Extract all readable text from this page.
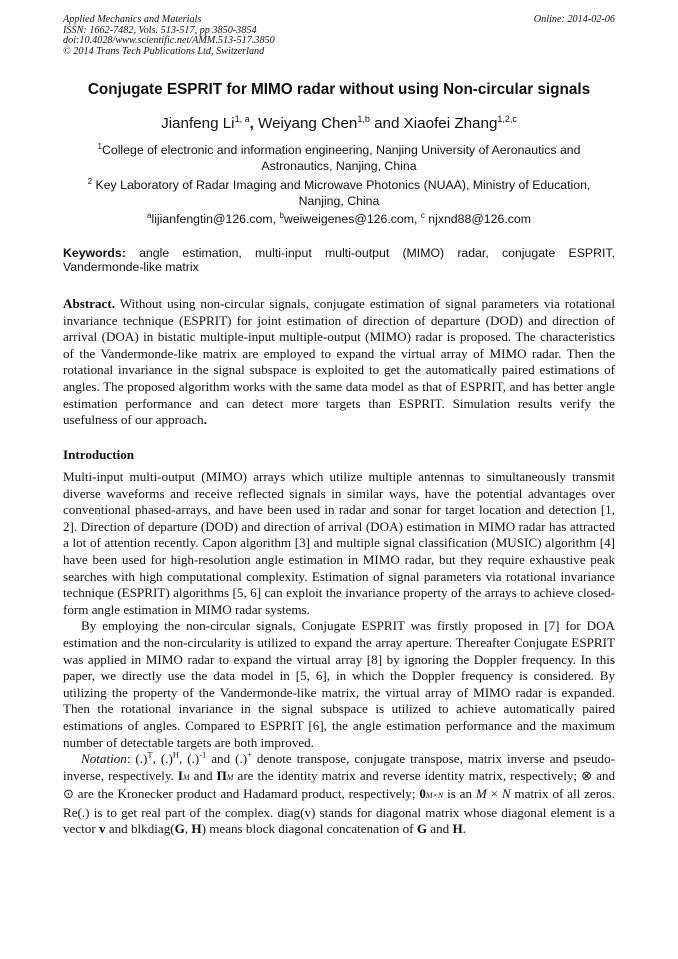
Applied Mechanics and Materials
ISSN: 1662-7482, Vols. 513-517, pp 3850-3854
doi:10.4028/www.scientific.net/AMM.513-517.3850
© 2014 Trans Tech Publications Ltd, Switzerland
Online: 2014-02-06
Conjugate ESPRIT for MIMO radar without using Non-circular signals
Jianfeng Li$^{1, a}$, Weiyang Chen$^{1,b}$ and Xiaofei Zhang$^{1,2,c}$
$^1$College of electronic and information engineering, Nanjing University of Aeronautics and Astronautics, Nanjing, China
$^2$ Key Laboratory of Radar Imaging and Microwave Photonics (NUAA), Ministry of Education, Nanjing, China
$^a$lijianfengtin@126.com, $^b$weiweigenes@126.com, $^c$ njxnd88@126.com
Keywords: angle estimation, multi-input multi-output (MIMO) radar, conjugate ESPRIT, Vandermonde-like matrix
Abstract. Without using non-circular signals, conjugate estimation of signal parameters via rotational invariance technique (ESPRIT) for joint estimation of direction of departure (DOD) and direction of arrival (DOA) in bistatic multiple-input multiple-output (MIMO) radar is proposed. The characteristics of the Vandermonde-like matrix are employed to expand the virtual array of MIMO radar. Then the rotational invariance in the signal subspace is exploited to get the automatically paired estimations of angles. The proposed algorithm works with the same data model as that of ESPRIT, and has better angle estimation performance and can detect more targets than ESPRIT. Simulation results verify the usefulness of our approach.
Introduction

Multi-input multi-output (MIMO) arrays which utilize multiple antennas to simultaneously transmit diverse waveforms and receive reflected signals in similar ways, have the potential advantages over conventional phased-arrays, and have been used in radar and sonar for target location and detection [1, 2]. Direction of departure (DOD) and direction of arrival (DOA) estimation in MIMO radar has attracted a lot of attention recently. Capon algorithm [3] and multiple signal classification (MUSIC) algorithm [4] have been used for high-resolution angle estimation in MIMO radar, but they require exhaustive peak searches with high computational complexity. Estimation of signal parameters via rotational invariance technique (ESPRIT) algorithms [5, 6] can exploit the invariance property of the arrays to achieve closed-form angle estimation in MIMO radar systems.

By employing the non-circular signals, Conjugate ESPRIT was firstly proposed in [7] for DOA estimation and the non-circularity is utilized to expand the array aperture. Thereafter Conjugate ESPRIT was applied in MIMO radar to expand the virtual array [8] by ignoring the Doppler frequency. In this paper, we directly use the data model in [5, 6], in which the Doppler frequency is considered. By utilizing the property of the Vandermonde-like matrix, the virtual array of MIMO radar is expanded. Then the rotational invariance in the signal subspace is utilized to achieve automatically paired estimations of angles. Compared to ESPRIT [6], the angle estimation performance and the maximum number of detectable targets are both improved.

Notation: (.)$^T$, (.)$^H$, (.)$^{-1}$ and (.)+ denote transpose, conjugate transpose, matrix inverse and pseudo-inverse, respectively. IM and ΠM are the identity matrix and reverse identity matrix, respectively; ⊗ and ⊙ are the Kronecker product and Hadamard product, respectively; 0M×N is an M × N matrix of all zeros. Re(.) is to get real part of the complex. diag(v) stands for diagonal matrix whose diagonal element is a vector v and blkdiag(G, H) means block diagonal concatenation of G and H.
